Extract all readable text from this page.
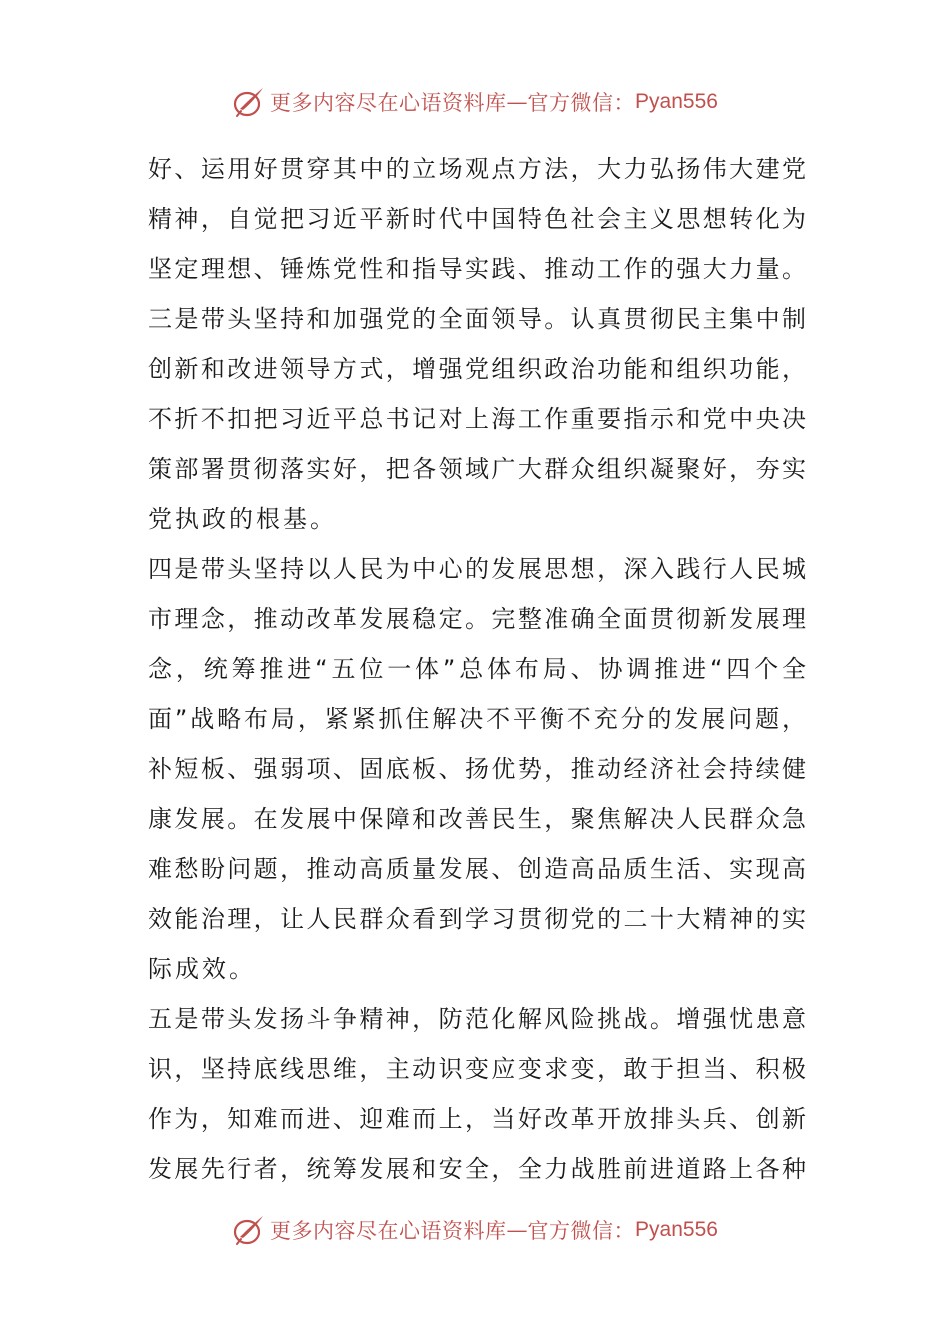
更多内容尽在心语资料库 — 官方微信： Pyan556
好、运用好贯穿其中的立场观点方法，大力弘扬伟大建党
精神，自觉把习近平新时代中国特色社会主义思想转化为
坚定理想、锤炼党性和指导实践、推动工作的强大力量。
三是带头坚持和加强党的全面领导。认真贯彻民主集中制
创新和改进领导方式，增强党组织政治功能和组织功能，
不折不扣把习近平总书记对上海工作重要指示和党中央决
策部署贯彻落实好，把各领域广大群众组织凝聚好，夯实
党执政的根基。
四是带头坚持以人民为中心的发展思想，深入践行人民城
市理念，推动改革发展稳定。完整准确全面贯彻新发展理
念，统筹推进“五位一体”总体布局、协调推进“四个全
面”战略布局，紧紧抓住解决不平衡不充分的发展问题，
补短板、强弱项、固底板、扬优势，推动经济社会持续健
康发展。在发展中保障和改善民生，聚焦解决人民群众急
难愁盼问题，推动高质量发展、创造高品质生活、实现高
效能治理，让人民群众看到学习贯彻党的二十大精神的实
际成效。
五是带头发扬斗争精神，防范化解风险挑战。增强忧患意
识，坚持底线思维，主动识变应变求变，敢于担当、积极
作为，知难而进、迎难而上，当好改革开放排头兵、创新
发展先行者，统筹发展和安全，全力战胜前进道路上各种
更多内容尽在心语资料库 — 官方微信： Pyan556
